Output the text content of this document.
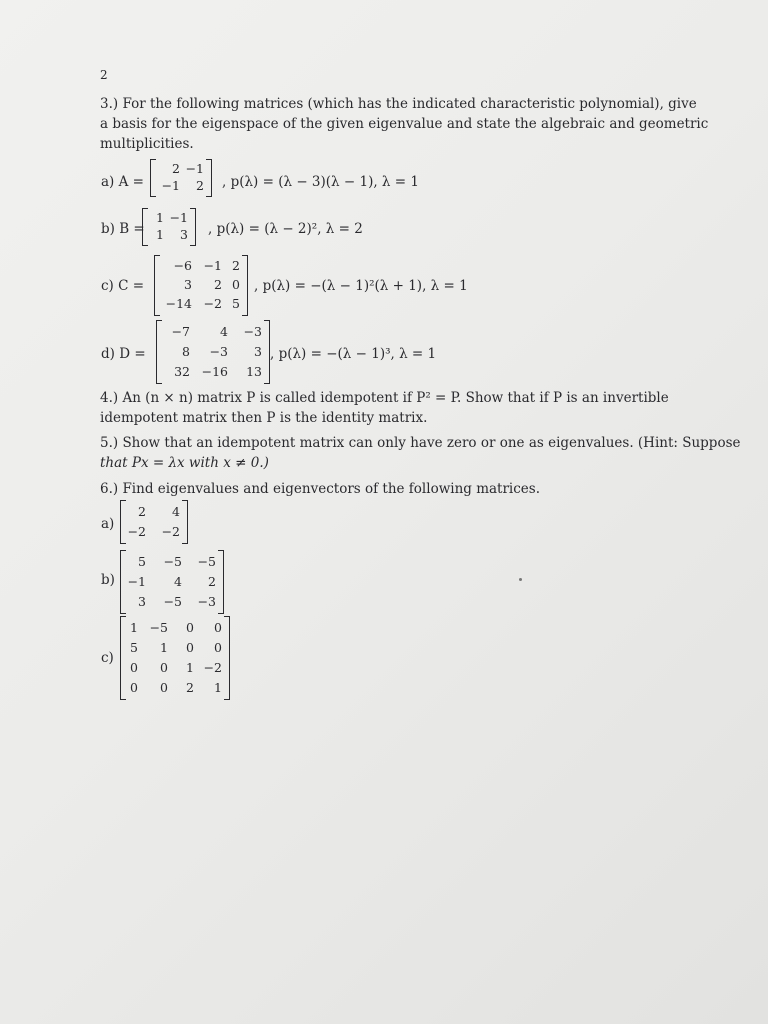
2
3.) For the following matrices (which has the indicated characteristic polynomial), give
a basis for the eigenspace of the given eigenvalue and state the algebraic and geometric
multiplicities.
a) A =
2 −1
−1	2 , p(λ) = (λ − 3)(λ − 1), λ = 1
b) B =
1 −1
1	3 , p(λ) = (λ − 2)², λ = 2
c) C =
−6 −1 2
3	2 0
−14 −2 5
, p(λ) = −(λ − 1)²(λ + 1), λ = 1
d) D =
−7	4	−3
8	−3	3
32 −16	13
, p(λ) = −(λ − 1)³, λ = 1
4.) An (n × n) matrix P is called idempotent if P² = P. Show that if P is an invertible
idempotent matrix then P is the identity matrix.
5.) Show that an idempotent matrix can only have zero or one as eigenvalues. (Hint: Suppose
that Px = λx with x ≠ 0.)
6.) Find eigenvalues and eigenvectors of the following matrices.
a)
2	4
−2	−2
b)
5	−5	−5
−1	4	2
3	−5	−3
c)
1 −5	0	0
5	1	0	0
0	0	1 −2
0	0	2	1
